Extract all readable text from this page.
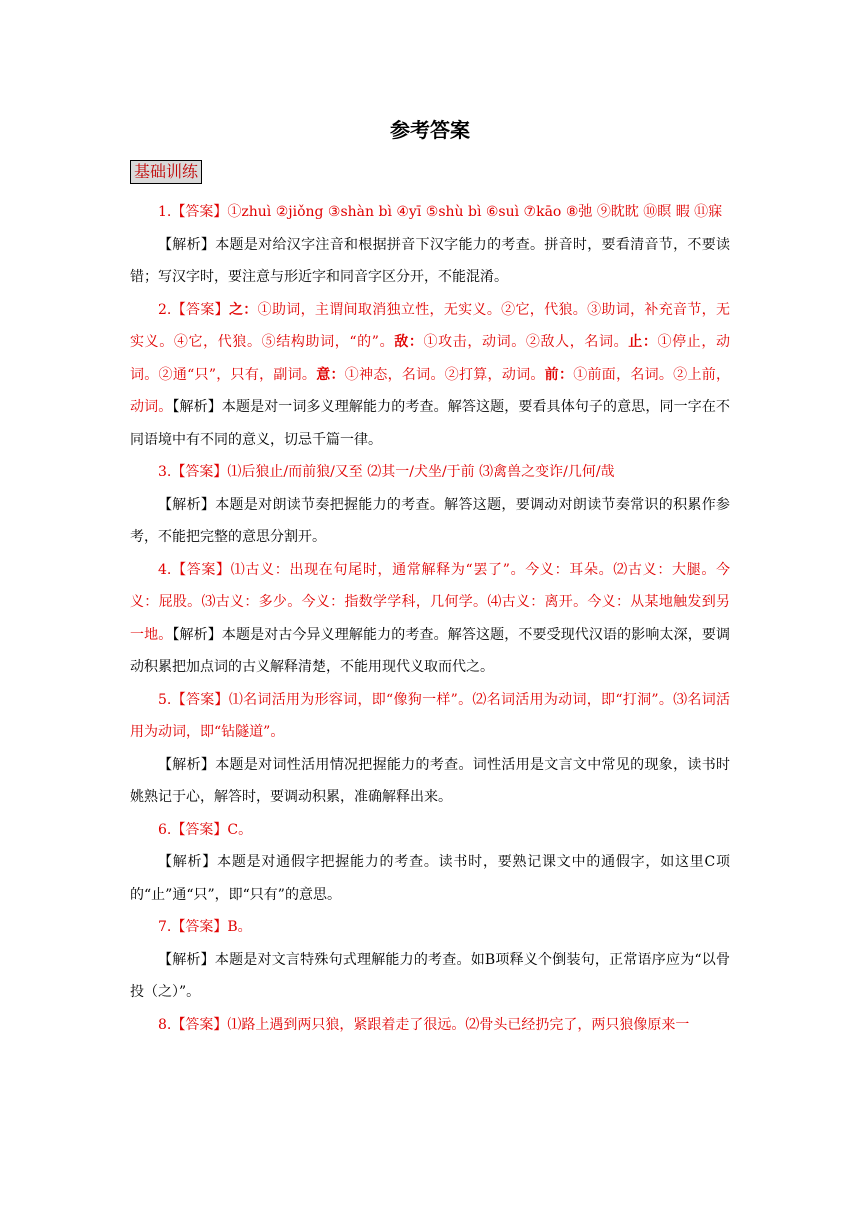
参考答案
基础训练

1.【答案】①zhuì ②jiǒng ③shàn bì ④yī ⑤shù bì ⑥suì ⑦kāo ⑧弛 ⑨眈眈 ⑩瞑 暇 ⑪寐

【解析】本题是对给汉字注音和根据拼音下汉字能力的考查。拼音时，要看清音节，不要读错；写汉字时，要注意与形近字和同音字区分开，不能混淆。

2.【答案】之：①助词，主谓间取消独立性，无实义。②它，代狼。③助词，补充音节，无实义。④它，代狼。⑤结构助词，“的”。敌：①攻击，动词。②敌人，名词。止：①停止，动词。②通“只”，只有，副词。意：①神态，名词。②打算，动词。前：①前面，名词。②上前，动词。【解析】本题是对一词多义理解能力的考查。解答这题，要看具体句子的意思，同一字在不同语境中有不同的意义，切忌千篇一律。

3.【答案】⑴后狼止/而前狼/又至 ⑵其一/犬坐/于前 ⑶禽兽之变诈/几何/哉

【解析】本题是对朗读节奏把握能力的考查。解答这题，要调动对朗读节奏常识的积累作参考，不能把完整的意思分割开。

4.【答案】⑴古义：出现在句尾时，通常解释为“罢了”。今义：耳朵。⑵古义：大腿。今义：屁股。⑶古义：多少。今义：指数学学科，几何学。⑷古义：离开。今义：从某地触发到另一地。【解析】本题是对古今异义理解能力的考查。解答这题，不要受现代汉语的影响太深，要调动积累把加点词的古义解释清楚，不能用现代义取而代之。

5.【答案】⑴名词活用为形容词，即“像狗一样”。⑵名词活用为动词，即“打洞”。⑶名词活用为动词，即“钻隧道”。

【解析】本题是对词性活用情况把握能力的考查。词性活用是文言文中常见的现象，读书时姚熟记于心，解答时，要调动积累，准确解释出来。

6.【答案】C。

【解析】本题是对通假字把握能力的考查。读书时，要熟记课文中的通假字，如这里C项的“止”通“只”，即“只有”的意思。

7.【答案】B。

【解析】本题是对文言特殊句式理解能力的考查。如B项释义个倒装句，正常语序应为“以骨投（之）”。

8.【答案】⑴路上遇到两只狼，紧跟着走了很远。⑵骨头已经扔完了，两只狼像原来一
